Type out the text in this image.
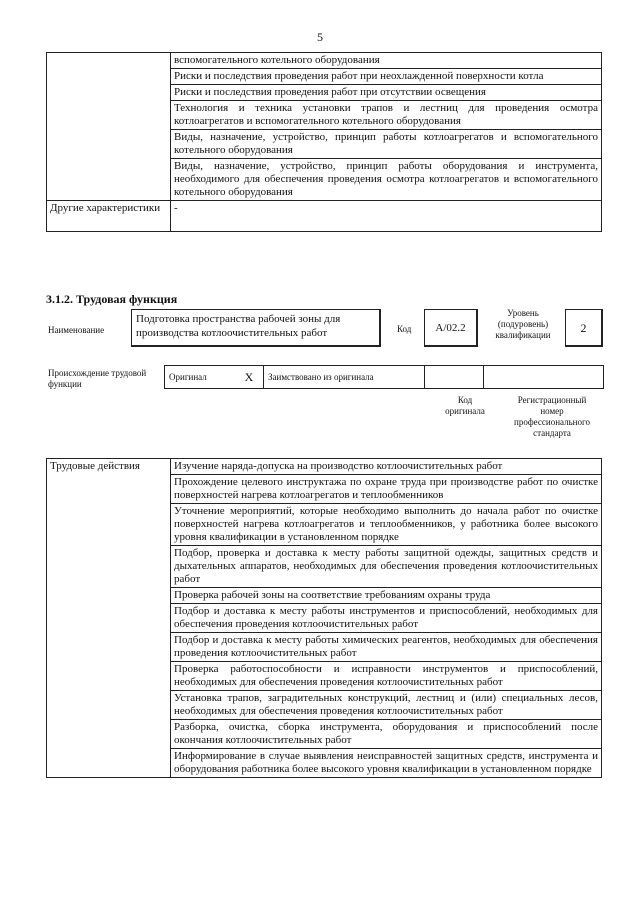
5
	вспомогательного котельного оборудования
	Риски и последствия проведения работ при неохлажденной поверхности котла
	Риски и последствия проведения работ при отсутствии освещения
	Технология и техника установки трапов и лестниц для проведения осмотра котлоагрегатов и вспомогательного котельного оборудования
	Виды, назначение, устройство, принцип работы котлоагрегатов и вспомогательного котельного оборудования
	Виды, назначение, устройство, принцип работы оборудования и инструмента, необходимого для обеспечения проведения осмотра котлоагрегатов и вспомогательного котельного оборудования
Другие характеристики	-
3.1.2. Трудовая функция
Наименование
Подготовка пространства рабочей зоны для производства котлоочистительных работ	Код	A/02.2
Уровень (подуровень) квалификации	2
Происхождение трудовой функции
Оригинал	X	Заимствовано из оригинала		
Код оригинала
Регистрационный номер профессионального стандарта
Трудовые действия	Изучение наряда-допуска на производство котлоочистительных работ
Прохождение целевого инструктажа по охране труда при производстве работ по очистке поверхностей нагрева котлоагрегатов и теплообменников
Уточнение мероприятий, которые необходимо выполнить до начала работ по очистке поверхностей нагрева котлоагрегатов и теплообменников, у работника более высокого уровня квалификации в установленном порядке
Подбор, проверка и доставка к месту работы защитной одежды, защитных средств и дыхательных аппаратов, необходимых для обеспечения проведения котлоочистительных работ
Проверка рабочей зоны на соответствие требованиям охраны труда
Подбор и доставка к месту работы инструментов и приспособлений, необходимых для обеспечения проведения котлоочистительных работ
Подбор и доставка к месту работы химических реагентов, необходимых для обеспечения проведения котлоочистительных работ
Проверка работоспособности и исправности инструментов и приспособлений, необходимых для обеспечения проведения котлоочистительных работ
Установка трапов, заградительных конструкций, лестниц и (или) специальных лесов, необходимых для обеспечения проведения котлоочистительных работ
Разборка, очистка, сборка инструмента, оборудования и приспособлений после окончания котлоочистительных работ
Информирование в случае выявления неисправностей защитных средств, инструмента и оборудования работника более высокого уровня квалификации в установленном порядке
